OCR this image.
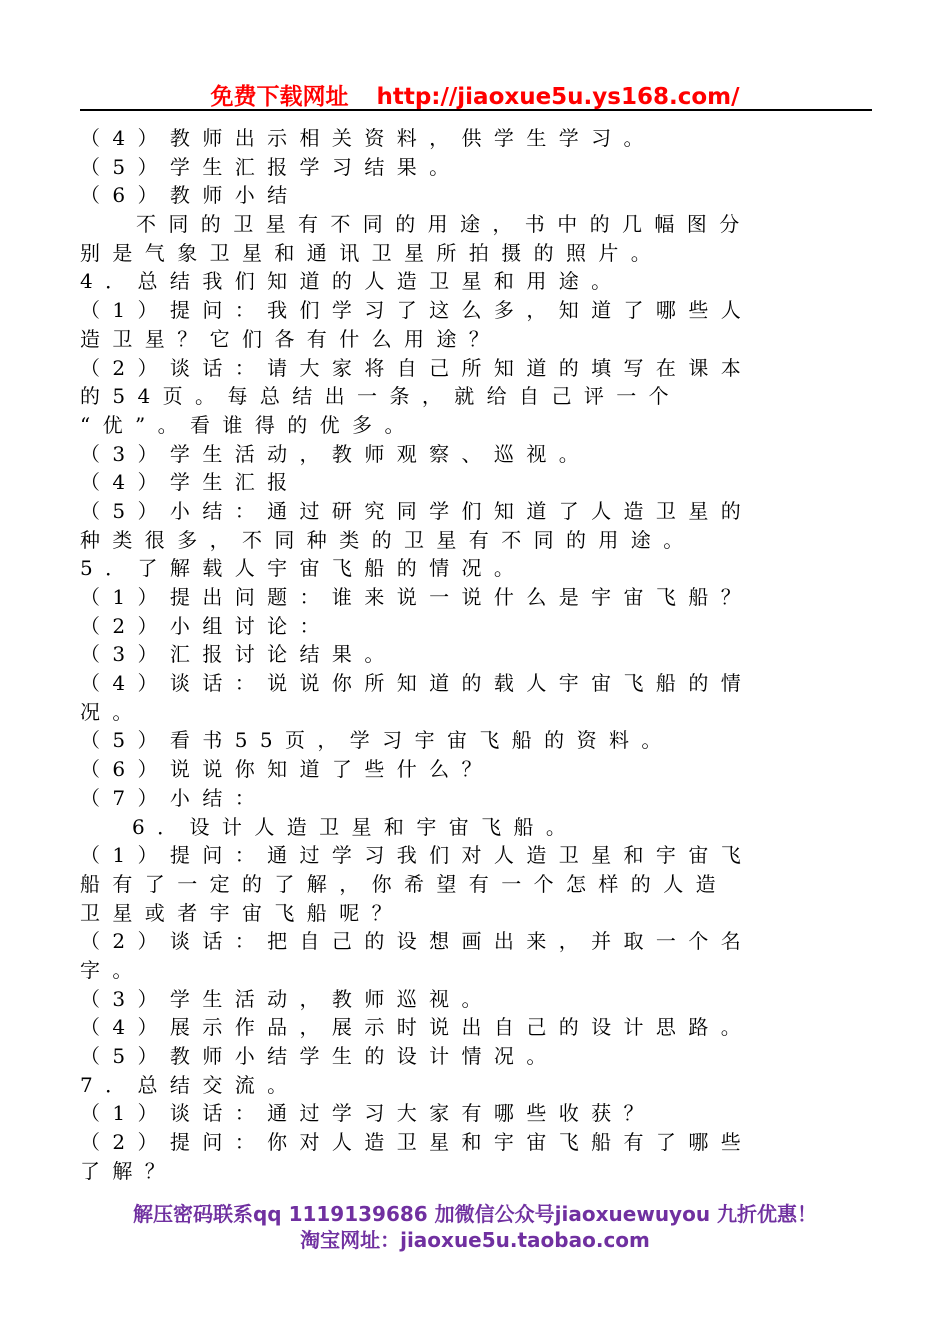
免费下载网址 http://jiaoxue5u.ys168.com/
（4）教师出示相关资料，供学生学习。
（5）学生汇报学习结果。
（6）教师小结
不同的卫星有不同的用途，书中的几幅图分
别是气象卫星和通讯卫星所拍摄的照片。
4．总结我们知道的人造卫星和用途。
（1）提问：我们学习了这么多，知道了哪些人
造卫星？它们各有什么用途？
（2）谈话：请大家将自己所知道的填写在课本
的54页。每总结出一条，就给自己评一个
“优”。看谁得的优多。
（3）学生活动，教师观察、巡视。
（4）学生汇报
（5）小结：通过研究同学们知道了人造卫星的
种类很多，不同种类的卫星有不同的用途。
5．了解载人宇宙飞船的情况。
（1）提出问题：谁来说一说什么是宇宙飞船？
（2）小组讨论：
（3）汇报讨论结果。
（4）谈话：说说你所知道的载人宇宙飞船的情
况。
（5）看书55页，学习宇宙飞船的资料。
（6）说说你知道了些什么？
（7）小结：
6．设计人造卫星和宇宙飞船。
（1）提问：通过学习我们对人造卫星和宇宙飞
船有了一定的了解，你希望有一个怎样的人造
卫星或者宇宙飞船呢？
（2）谈话：把自己的设想画出来，并取一个名
字。
（3）学生活动，教师巡视。
（4）展示作品，展示时说出自己的设计思路。
（5）教师小结学生的设计情况。
7．总结交流。
（1）谈话：通过学习大家有哪些收获？
（2）提问：你对人造卫星和宇宙飞船有了哪些
了解？
解压密码联系qq 1119139686 加微信公众号jiaoxuewuyou 九折优惠！
淘宝网址：jiaoxue5u.taobao.com
